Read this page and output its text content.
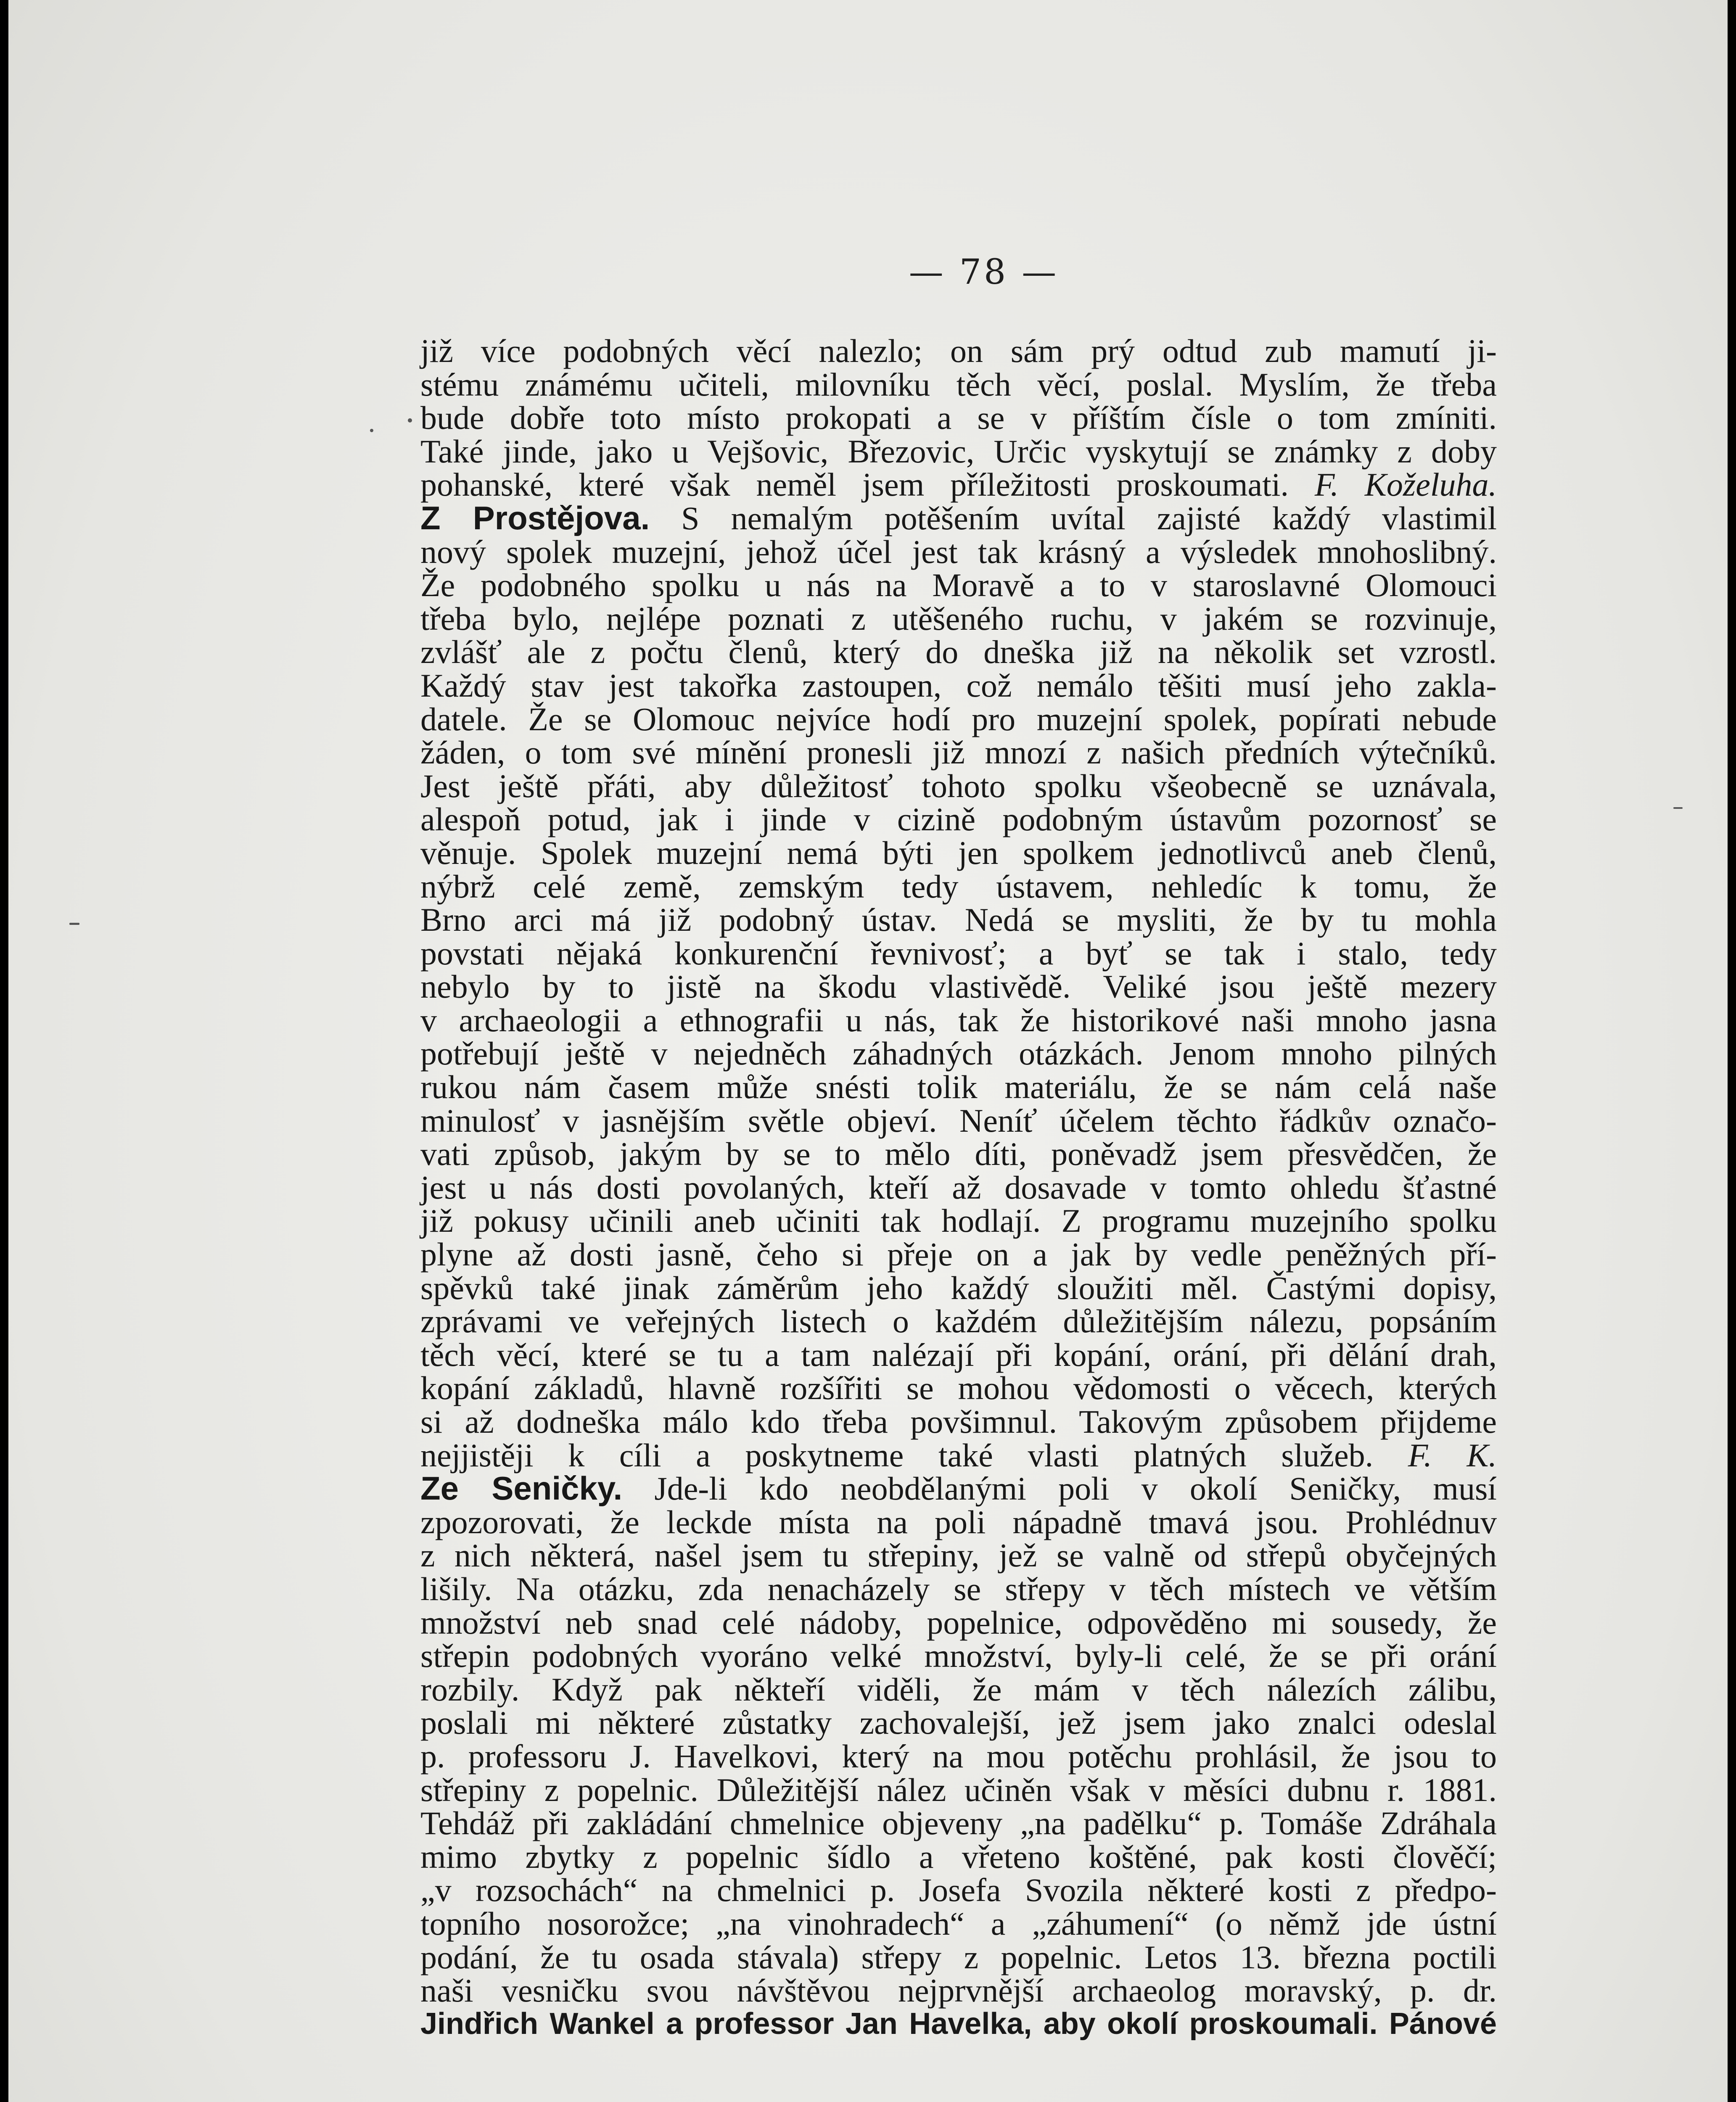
— 78 —
již více podobných věcí nalezlo; on sám prý odtud zub mamutí ji-
stému známému učiteli, milovníku těch věcí, poslal. Myslím, že třeba
bude dobře toto místo prokopati a se v příštím čísle o tom zmíniti.
Také jinde, jako u Vejšovic, Březovic, Určic vyskytují se známky z doby
pohanské, které však neměl jsem příležitosti proskoumati. F. Koželuha.
Z Prostějova. S nemalým potěšením uvítal zajisté každý vlastimil
nový spolek muzejní, jehož účel jest tak krásný a výsledek mnohoslibný.
Že podobného spolku u nás na Moravě a to v staroslavné Olomouci
třeba bylo, nejlépe poznati z utěšeného ruchu, v jakém se rozvinuje,
zvlášť ale z počtu členů, který do dneška již na několik set vzrostl.
Každý stav jest takořka zastoupen, což nemálo těšiti musí jeho zakla-
datele. Že se Olomouc nejvíce hodí pro muzejní spolek, popírati nebude
žáden, o tom své mínění pronesli již mnozí z našich předních výtečníků.
Jest ještě přáti, aby důležitosť tohoto spolku všeobecně se uznávala,
alespoň potud, jak i jinde v cizině podobným ústavům pozornosť se
věnuje. Spolek muzejní nemá býti jen spolkem jednotlivců aneb členů,
nýbrž celé země, zemským tedy ústavem, nehledíc k tomu, že
Brno arci má již podobný ústav. Nedá se mysliti, že by tu mohla
povstati nějaká konkurenční řevnivosť; a byť se tak i stalo, tedy
nebylo by to jistě na škodu vlastivědě. Veliké jsou ještě mezery
v archaeologii a ethnografii u nás, tak že historikové naši mnoho jasna
potřebují ještě v nejedněch záhadných otázkách. Jenom mnoho pilných
rukou nám časem může snésti tolik materiálu, že se nám celá naše
minulosť v jasnějším světle objeví. Neníť účelem těchto řádkův označo-
vati způsob, jakým by se to mělo díti, poněvadž jsem přesvědčen, že
jest u nás dosti povolaných, kteří až dosavade v tomto ohledu šťastné
již pokusy učinili aneb učiniti tak hodlají. Z programu muzejního spolku
plyne až dosti jasně, čeho si přeje on a jak by vedle peněžných pří-
spěvků také jinak záměrům jeho každý sloužiti měl. Častými dopisy,
zprávami ve veřejných listech o každém důležitějším nálezu, popsáním
těch věcí, které se tu a tam nalézají při kopání, orání, při dělání drah,
kopání základů, hlavně rozšířiti se mohou vědomosti o věcech, kterých
si až dodneška málo kdo třeba povšimnul. Takovým způsobem přijdeme
nejjistěji k cíli a poskytneme také vlasti platných služeb. F. K.
Ze Seničky. Jde-li kdo neobdělanými poli v okolí Seničky, musí
zpozorovati, že leckde místa na poli nápadně tmavá jsou. Prohlédnuv
z nich některá, našel jsem tu střepiny, jež se valně od střepů obyčejných
lišily. Na otázku, zda nenacházely se střepy v těch místech ve větším
množství neb snad celé nádoby, popelnice, odpověděno mi sousedy, že
střepin podobných vyoráno velké množství, byly-li celé, že se při orání
rozbily. Když pak někteří viděli, že mám v těch nálezích zálibu,
poslali mi některé zůstatky zachovalejší, jež jsem jako znalci odeslal
p. professoru J. Havelkovi, který na mou potěchu prohlásil, že jsou to
střepiny z popelnic. Důležitější nález učiněn však v měsíci dubnu r. 1881.
Tehdáž při zakládání chmelnice objeveny „na padělku“ p. Tomáše Zdráhala
mimo zbytky z popelnic šídlo a vřeteno koštěné, pak kosti člověčí;
„v rozsochách“ na chmelnici p. Josefa Svozila některé kosti z předpo-
topního nosorožce; „na vinohradech“ a „záhumení“ (o němž jde ústní
podání, že tu osada stávala) střepy z popelnic. Letos 13. března poctili
naši vesničku svou návštěvou nejprvnější archaeolog moravský, p. dr.
Jindřich Wankel a professor Jan Havelka, aby okolí proskoumali. Pánové
